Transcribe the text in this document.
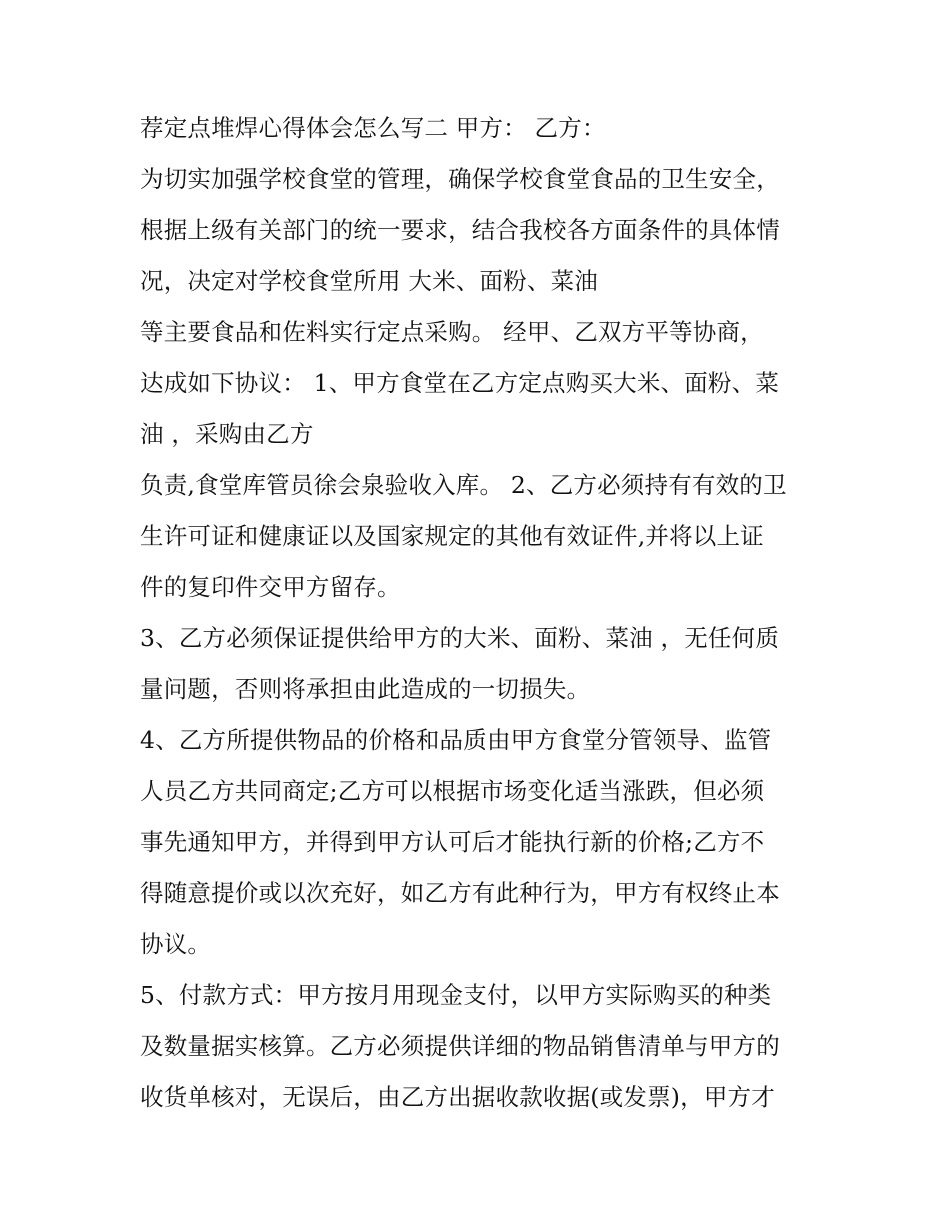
荐定点堆焊心得体会怎么写二 甲方： 乙方：
为切实加强学校食堂的管理，确保学校食堂食品的卫生安全，
根据上级有关部门的统一要求，结合我校各方面条件的具体情
况，决定对学校食堂所用 大米、面粉、菜油
等主要食品和佐料实行定点采购。 经甲、乙双方平等协商，
达成如下协议： 1、甲方食堂在乙方定点购买大米、面粉、菜
油 ，采购由乙方
负责,食堂库管员徐会泉验收入库。 2、乙方必须持有有效的卫
生许可证和健康证以及国家规定的其他有效证件,并将以上证
件的复印件交甲方留存。
3、乙方必须保证提供给甲方的大米、面粉、菜油 ，无任何质
量问题，否则将承担由此造成的一切损失。
4、乙方所提供物品的价格和品质由甲方食堂分管领导、监管
人员乙方共同商定;乙方可以根据市场变化适当涨跌，但必须
事先通知甲方，并得到甲方认可后才能执行新的价格;乙方不
得随意提价或以次充好，如乙方有此种行为，甲方有权终止本
协议。
5、付款方式：甲方按月用现金支付，以甲方实际购买的种类
及数量据实核算。乙方必须提供详细的物品销售清单与甲方的
收货单核对，无误后，由乙方出据收款收据(或发票)，甲方才
